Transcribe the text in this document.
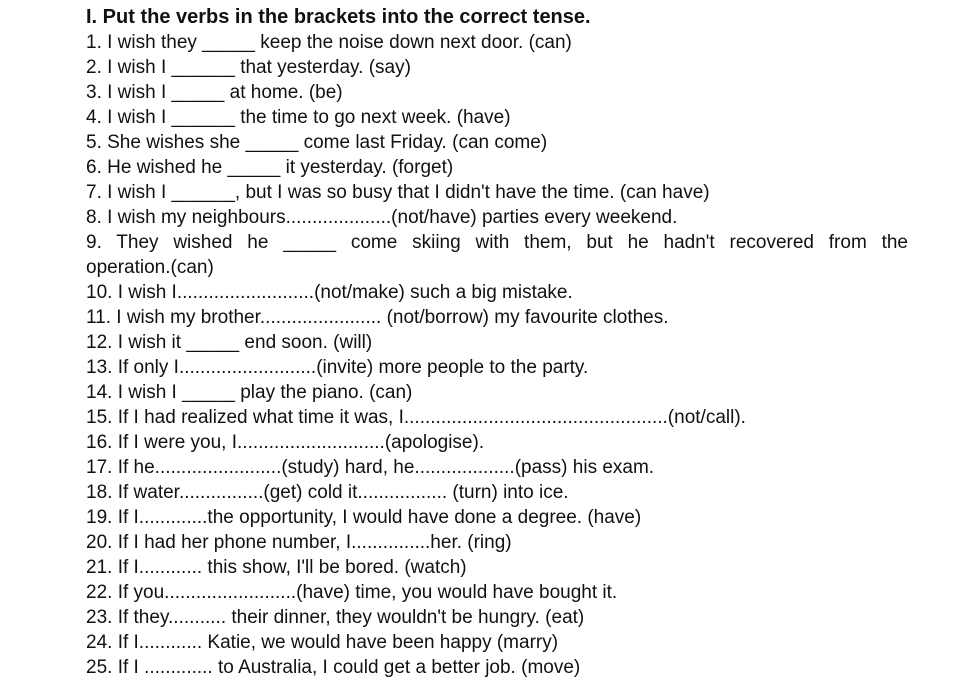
I. Put the verbs in the brackets into the correct tense.
1. I wish they _____ keep the noise down next door. (can)
2. I wish I ______ that yesterday. (say)
3. I wish I _____ at home. (be)
4. I wish I ______ the time to go next week. (have)
5. She wishes she _____ come last Friday. (can come)
6. He wished he _____ it yesterday. (forget)
7. I wish I ______, but I was so busy that I didn't have the time. (can have)
8. I wish my neighbours....................(not/have) parties every weekend.
9. They wished he _____ come skiing with them, but he hadn't recovered from the
operation.(can)
10. I wish I..........................(not/make) such a big mistake.
11. I wish my brother....................... (not/borrow) my favourite clothes.
12. I wish it _____ end soon. (will)
13. If only I..........................(invite) more people to the party.
14. I wish I _____ play the piano. (can)
15. If I had realized what time it was, I..................................................(not/call).
16. If I were you, I............................(apologise).
17. If he........................(study) hard, he...................(pass) his exam.
18. If water................(get) cold it................. (turn) into ice.
19. If I.............the opportunity, I would have done a degree. (have)
20. If I had her phone number, I...............her. (ring)
21. If I............ this show, I'll be bored. (watch)
22. If you.........................(have) time, you would have bought it.
23. If they........... their dinner, they wouldn't be hungry. (eat)
24. If I............ Katie, we would have been happy (marry)
25. If I ............. to Australia, I could get a better job. (move)
